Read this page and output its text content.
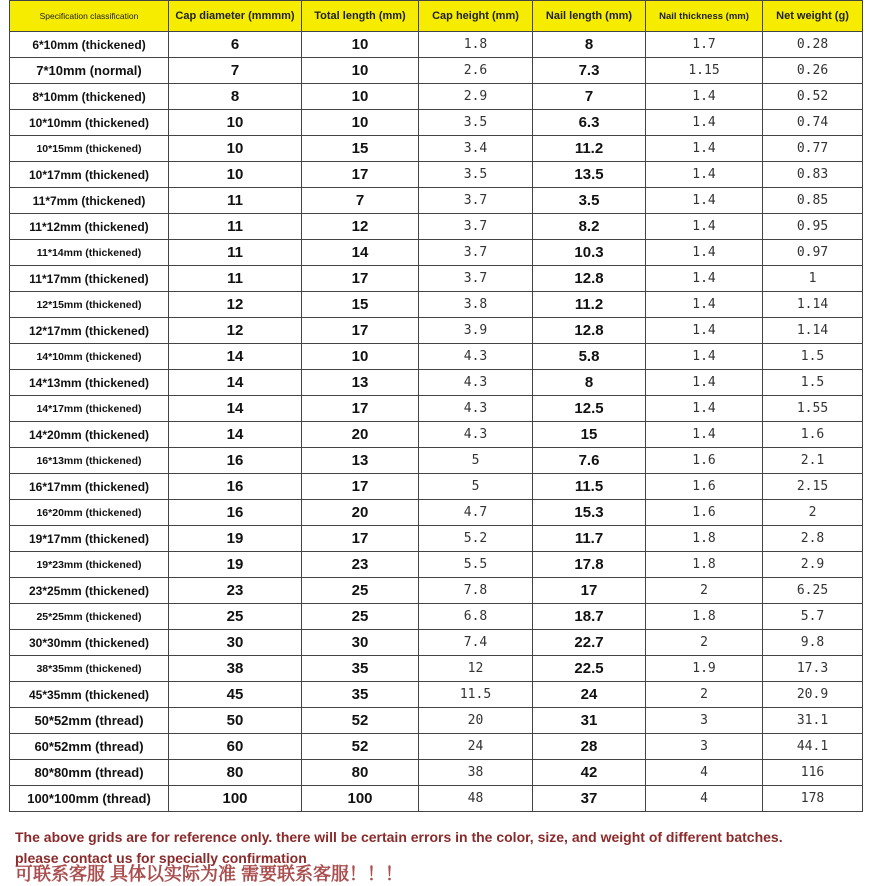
Specification classification	Cap diameter (mmmm)	Total length (mm)	Cap height (mm)	Nail length (mm)	Nail thickness (mm)	Net weight (g)
6*10mm (thickened)	6	10	1.8	8	1.7	0.28
7*10mm (normal)	7	10	2.6	7.3	1.15	0.26
8*10mm (thickened)	8	10	2.9	7	1.4	0.52
10*10mm (thickened)	10	10	3.5	6.3	1.4	0.74
10*15mm (thickened)	10	15	3.4	11.2	1.4	0.77
10*17mm (thickened)	10	17	3.5	13.5	1.4	0.83
11*7mm (thickened)	11	7	3.7	3.5	1.4	0.85
11*12mm (thickened)	11	12	3.7	8.2	1.4	0.95
11*14mm (thickened)	11	14	3.7	10.3	1.4	0.97
11*17mm (thickened)	11	17	3.7	12.8	1.4	1
12*15mm (thickened)	12	15	3.8	11.2	1.4	1.14
12*17mm (thickened)	12	17	3.9	12.8	1.4	1.14
14*10mm (thickened)	14	10	4.3	5.8	1.4	1.5
14*13mm (thickened)	14	13	4.3	8	1.4	1.5
14*17mm (thickened)	14	17	4.3	12.5	1.4	1.55
14*20mm (thickened)	14	20	4.3	15	1.4	1.6
16*13mm (thickened)	16	13	5	7.6	1.6	2.1
16*17mm (thickened)	16	17	5	11.5	1.6	2.15
16*20mm (thickened)	16	20	4.7	15.3	1.6	2
19*17mm (thickened)	19	17	5.2	11.7	1.8	2.8
19*23mm (thickened)	19	23	5.5	17.8	1.8	2.9
23*25mm (thickened)	23	25	7.8	17	2	6.25
25*25mm (thickened)	25	25	6.8	18.7	1.8	5.7
30*30mm (thickened)	30	30	7.4	22.7	2	9.8
38*35mm (thickened)	38	35	12	22.5	1.9	17.3
45*35mm (thickened)	45	35	11.5	24	2	20.9
50*52mm (thread)	50	52	20	31	3	31.1
60*52mm (thread)	60	52	24	28	3	44.1
80*80mm (thread)	80	80	38	42	4	116
100*100mm (thread)	100	100	48	37	4	178
The above grids are for reference only. there will be certain errors in the color, size, and weight of different batches.
please contact us for specially confirmation
可联系客服 具体以实际为准 需要联系客服！！！
